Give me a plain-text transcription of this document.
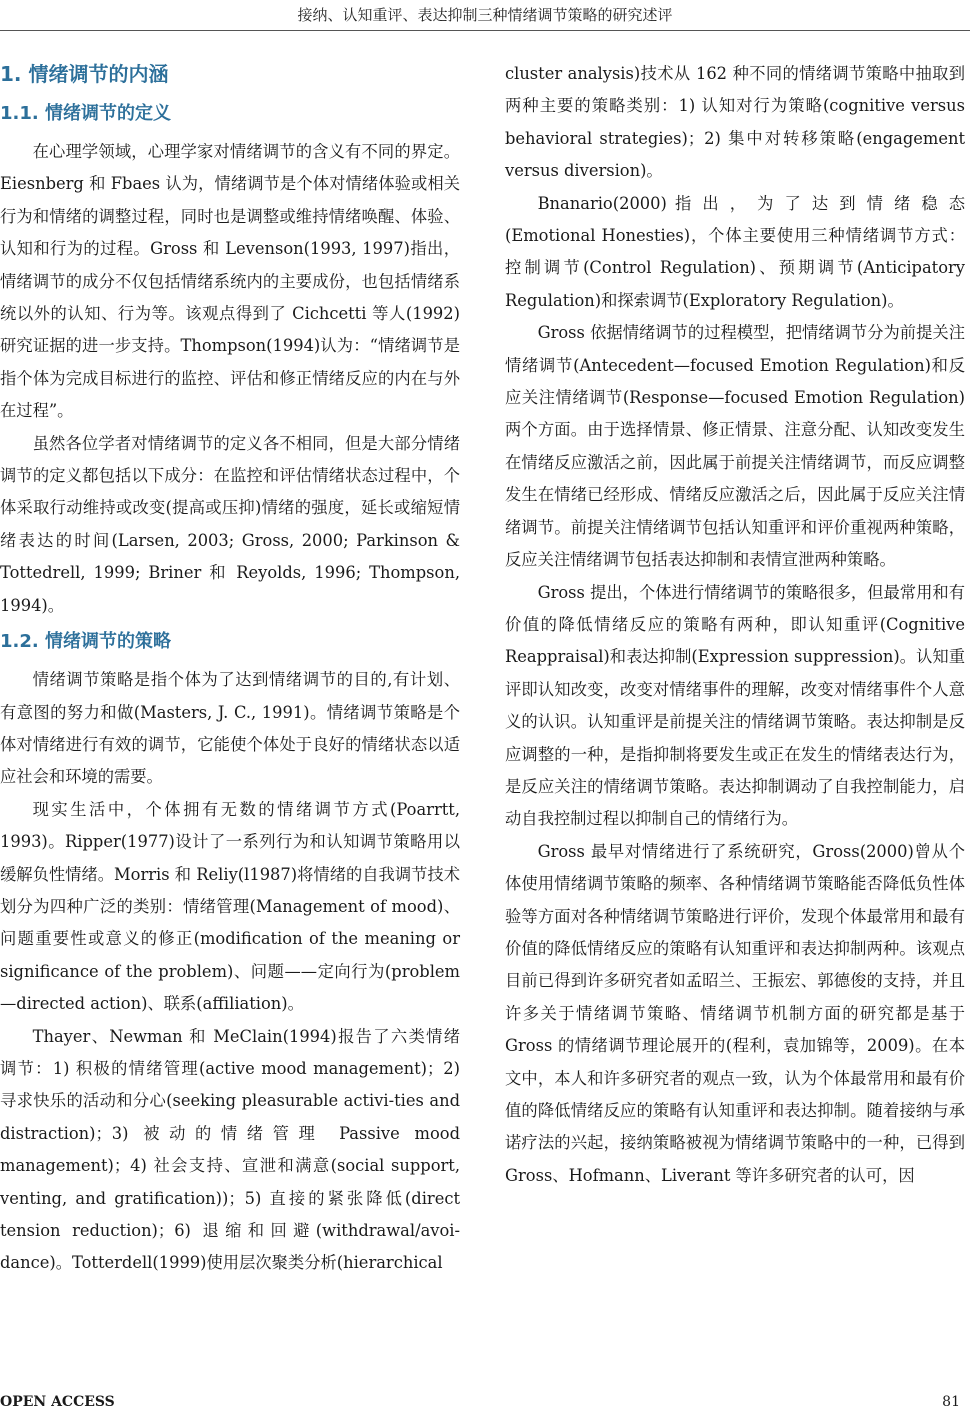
接纳、认知重评、表达抑制三种情绪调节策略的研究述评
1. 情绪调节的内涵
1.1. 情绪调节的定义

在心理学领域，心理学家对情绪调节的含义有不同的界定。Eiesnberg 和 Fbaes 认为，情绪调节是个体对情绪体验或相关行为和情绪的调整过程，同时也是调整或维持情绪唤醒、体验、认知和行为的过程。Gross 和 Levenson(1993, 1997)指出，情绪调节的成分不仅包括情绪系统内的主要成份，也包括情绪系统以外的认知、行为等。该观点得到了 Cichcetti 等人(1992)研究证据的进一步支持。Thompson(1994)认为：“情绪调节是指个体为完成目标进行的监控、评估和修正情绪反应的内在与外在过程”。

虽然各位学者对情绪调节的定义各不相同，但是大部分情绪调节的定义都包括以下成分：在监控和评估情绪状态过程中，个体采取行动维持或改变(提高或压抑)情绪的强度，延长或缩短情绪表达的时间(Larsen, 2003; Gross, 2000; Parkinson & Tottedrell, 1999; Briner 和 Reyolds, 1996; Thompson, 1994)。

1.2. 情绪调节的策略

情绪调节策略是指个体为了达到情绪调节的目的,有计划、有意图的努力和做(Masters, J. C., 1991)。情绪调节策略是个体对情绪进行有效的调节，它能使个体处于良好的情绪状态以适应社会和环境的需要。

现实生活中，个体拥有无数的情绪调节方式(Poarrtt, 1993)。Ripper(1977)设计了一系列行为和认知调节策略用以缓解负性情绪。Morris 和 Reliy(l1987)将情绪的自我调节技术划分为四种广泛的类别：情绪管理(Management of mood)、问题重要性或意义的修正(modification of the meaning or significance of the problem)、问题——定向行为(problem—directed action)、联系(affiliation)。

Thayer、Newman 和 MeClain(1994)报告了六类情绪调节：1) 积极的情绪管理(active mood management)；2) 寻求快乐的活动和分心(seeking pleasurable activi-ties and distraction)；3) 被动的情绪管理 Passive mood management)；4) 社会支持、宣泄和满意(social support, venting, and gratification))；5) 直接的紧张降低(direct tension reduction)；6) 退缩和回避(withdrawal/avoi-dance)。Totterdell(1999)使用层次聚类分析(hierarchical

cluster analysis)技术从 162 种不同的情绪调节策略中抽取到两种主要的策略类别：1) 认知对行为策略(cognitive versus behavioral strategies)；2) 集中对转移策略(engagement versus diversion)。

Bnanario(2000) 指 出 ， 为 了 达 到 情 绪 稳 态(Emotional Honesties)，个体主要使用三种情绪调节方式：控制调节(Control Regulation)、预期调节(Anticipatory Regulation)和探索调节(Exploratory Regulation)。

Gross 依据情绪调节的过程模型，把情绪调节分为前提关注情绪调节(Antecedent—focused Emotion Regulation)和反应关注情绪调节(Response—focused Emotion Regulation)两个方面。由于选择情景、修正情景、注意分配、认知改变发生在情绪反应激活之前，因此属于前提关注情绪调节，而反应调整发生在情绪已经形成、情绪反应激活之后，因此属于反应关注情绪调节。前提关注情绪调节包括认知重评和评价重视两种策略，反应关注情绪调节包括表达抑制和表情宣泄两种策略。

Gross 提出，个体进行情绪调节的策略很多，但最常用和有价值的降低情绪反应的策略有两种，即认知重评(Cognitive Reappraisal)和表达抑制(Expression suppression)。认知重评即认知改变，改变对情绪事件的理解，改变对情绪事件个人意义的认识。认知重评是前提关注的情绪调节策略。表达抑制是反应调整的一种，是指抑制将要发生或正在发生的情绪表达行为，是反应关注的情绪调节策略。表达抑制调动了自我控制能力，启动自我控制过程以抑制自己的情绪行为。

Gross 最早对情绪进行了系统研究，Gross(2000)曾从个体使用情绪调节策略的频率、各种情绪调节策略能否降低负性体验等方面对各种情绪调节策略进行评价，发现个体最常用和最有价值的降低情绪反应的策略有认知重评和表达抑制两种。该观点目前已得到许多研究者如孟昭兰、王振宏、郭德俊的支持，并且许多关于情绪调节策略、情绪调节机制方面的研究都是基于 Gross 的情绪调节理论展开的(程利，袁加锦等，2009)。在本文中，本人和许多研究者的观点一致，认为个体最常用和最有价值的降低情绪反应的策略有认知重评和表达抑制。随着接纳与承诺疗法的兴起，接纳策略被视为情绪调节策略中的一种，已得到 Gross、Hofmann、Liverant 等许多研究者的认可，因

OPEN ACCESS	81
